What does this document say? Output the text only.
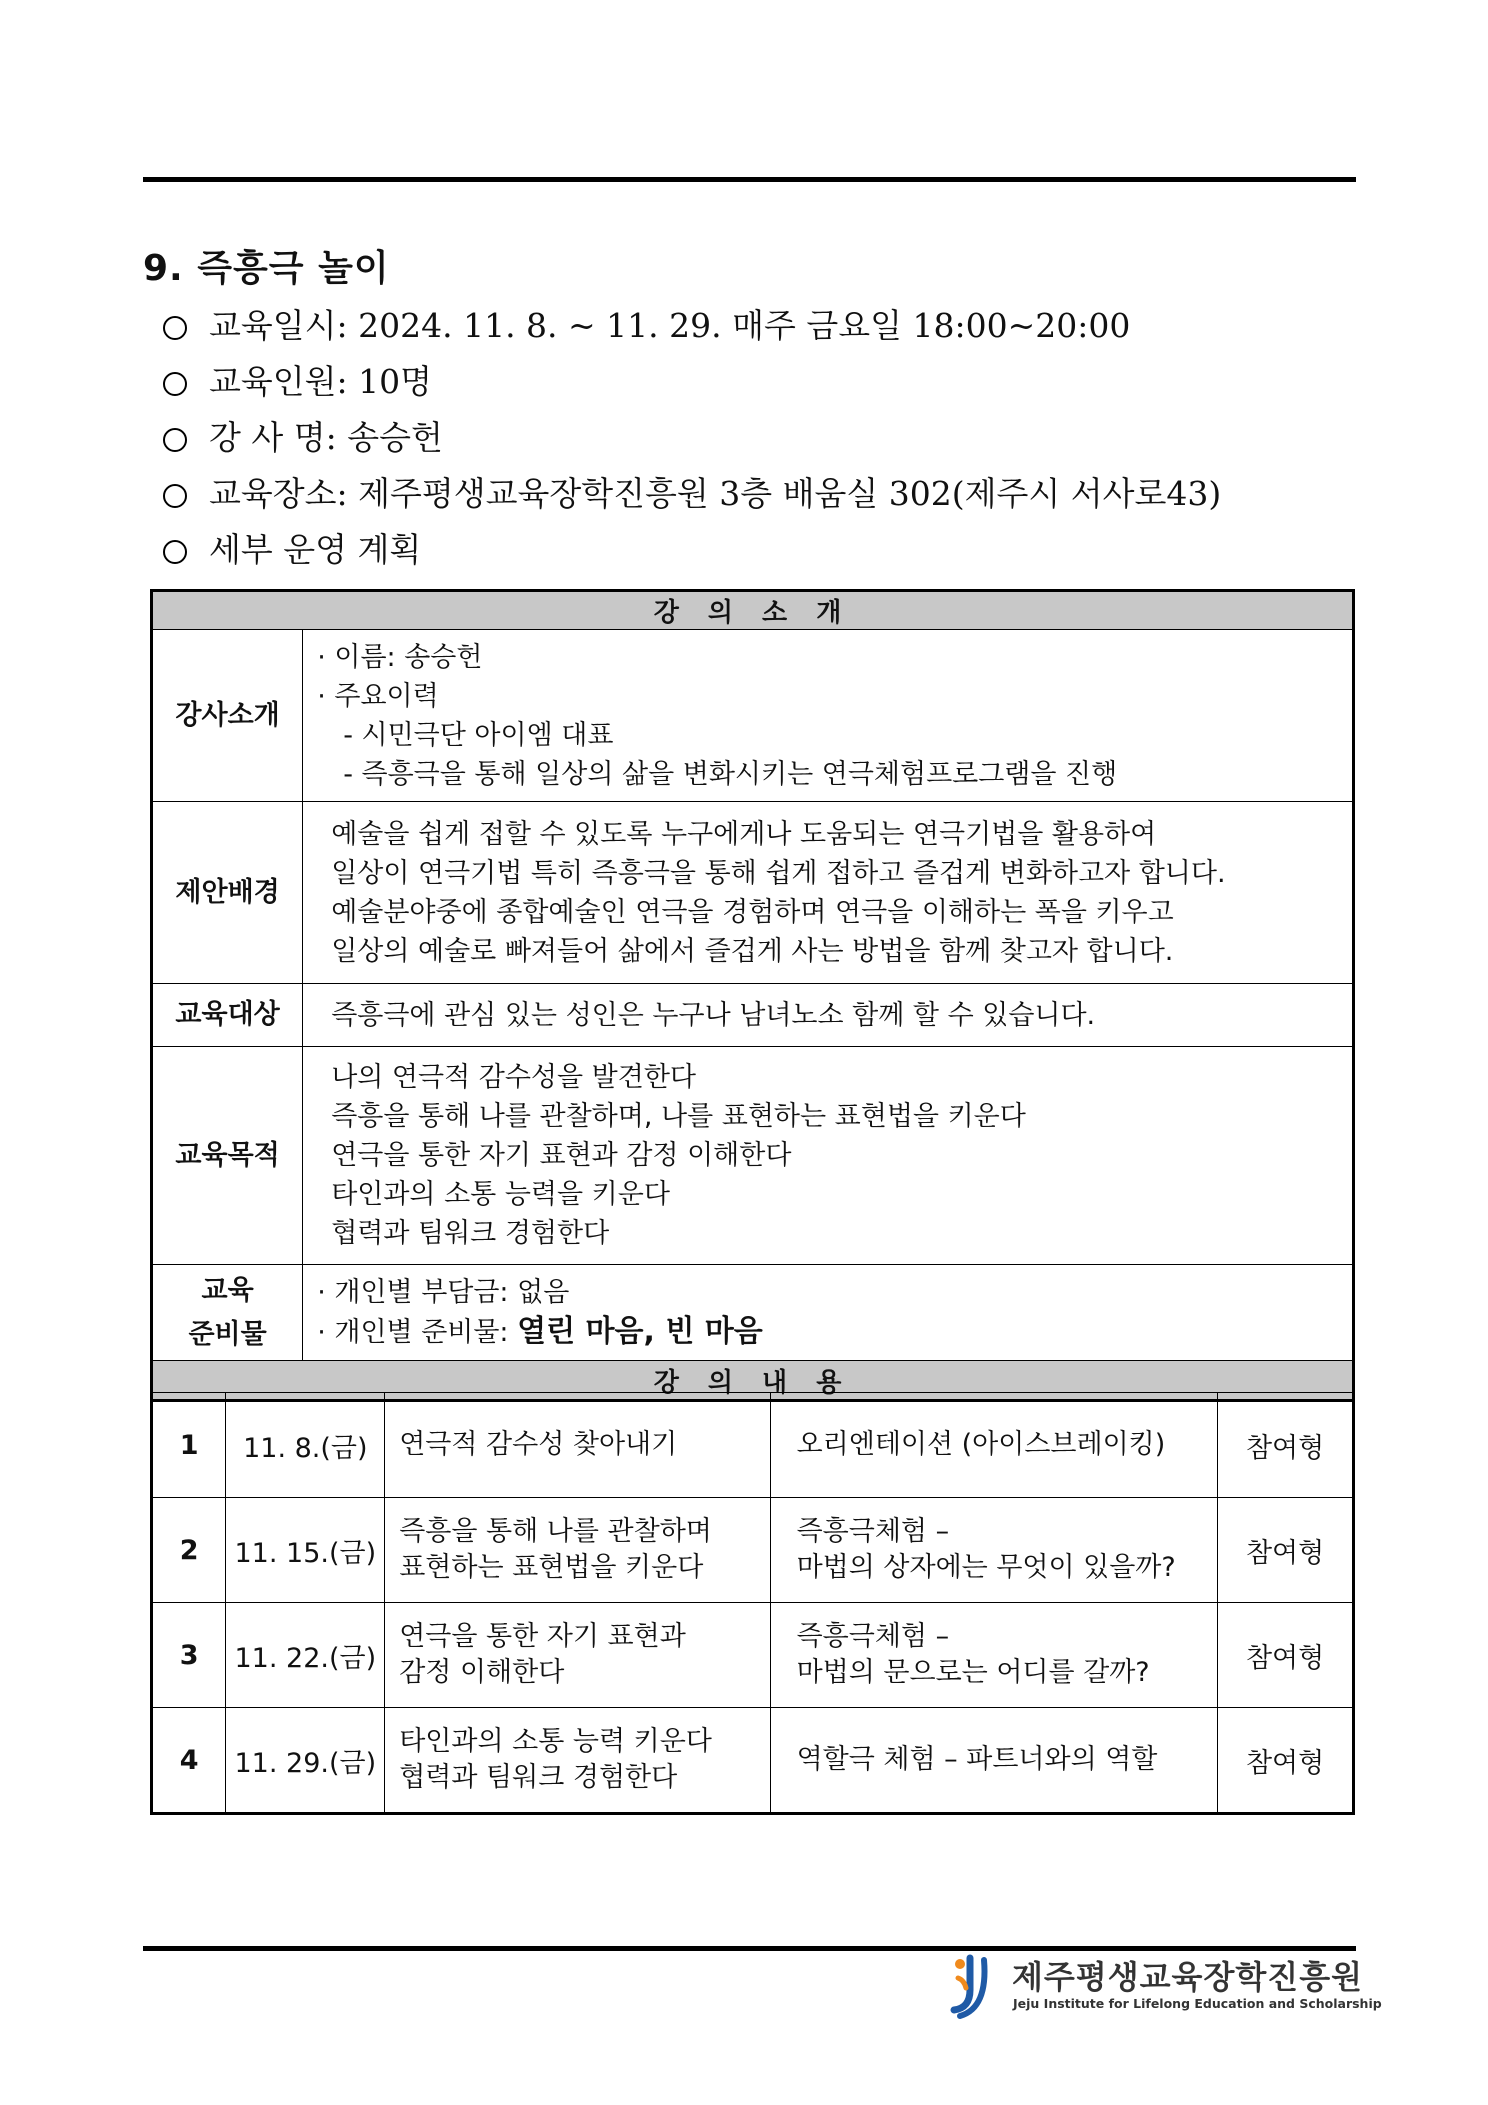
9. 즉흥극 놀이
교육일시: 2024. 11. 8. ~ 11. 29. 매주 금요일 18:00~20:00
교육인원: 10명
강 사 명: 송승헌
교육장소: 제주평생교육장학진흥원 3층 배움실 302(제주시 서사로43)
세부 운영 계획
강 의 소 개	
강사소개	· 이름: 송승헌
· 주요이력
- 시민극단 아이엠 대표
- 즉흥극을 통해 일상의 삶을 변화시키는 연극체험프로그램을 진행

제안배경	예술을 쉽게 접할 수 있도록 누구에게나 도움되는 연극기법을 활용하여
일상이 연극기법 특히 즉흥극을 통해 쉽게 접하고 즐겁게 변화하고자 합니다.
예술분야중에 종합예술인 연극을 경험하며 연극을 이해하는 폭을 키우고
일상의 예술로 빠져들어 삶에서 즐겁게 사는 방법을 함께 찾고자 합니다.

교육대상	즉흥극에 관심 있는 성인은 누구나 남녀노소 함께 할 수 있습니다.
교육목적	나의 연극적 감수성을 발견한다
즉흥을 통해 나를 관찰하며, 나를 표현하는 표현법을 키운다
연극을 통한 자기 표현과 감정 이해한다
타인과의 소통 능력을 키운다
협력과 팀워크 경험한다

교육
준비물	· 개인별 부담금: 없음
· 개인별 준비물: 열린 마음, 빈 마음

강 의 내 용	
1	11. 8.(금)	연극적 감수성 찾아내기	오리엔테이션 (아이스브레이킹)	참여형
2	11. 15.(금)	즉흥을 통해 나를 관찰하며
표현하는 표현법을 키운다	즉흥극체험 –
마법의 상자에는 무엇이 있을까?	참여형
3	11. 22.(금)	연극을 통한 자기 표현과
감정 이해한다	즉흥극체험 –
마법의 문으로는 어디를 갈까?	참여형
4	11. 29.(금)	타인과의 소통 능력 키운다
협력과 팀워크 경험한다	역할극 체험 – 파트너와의 역할	참여형
제주평생교육장학진흥원
Jeju Institute for Lifelong Education and Scholarship
